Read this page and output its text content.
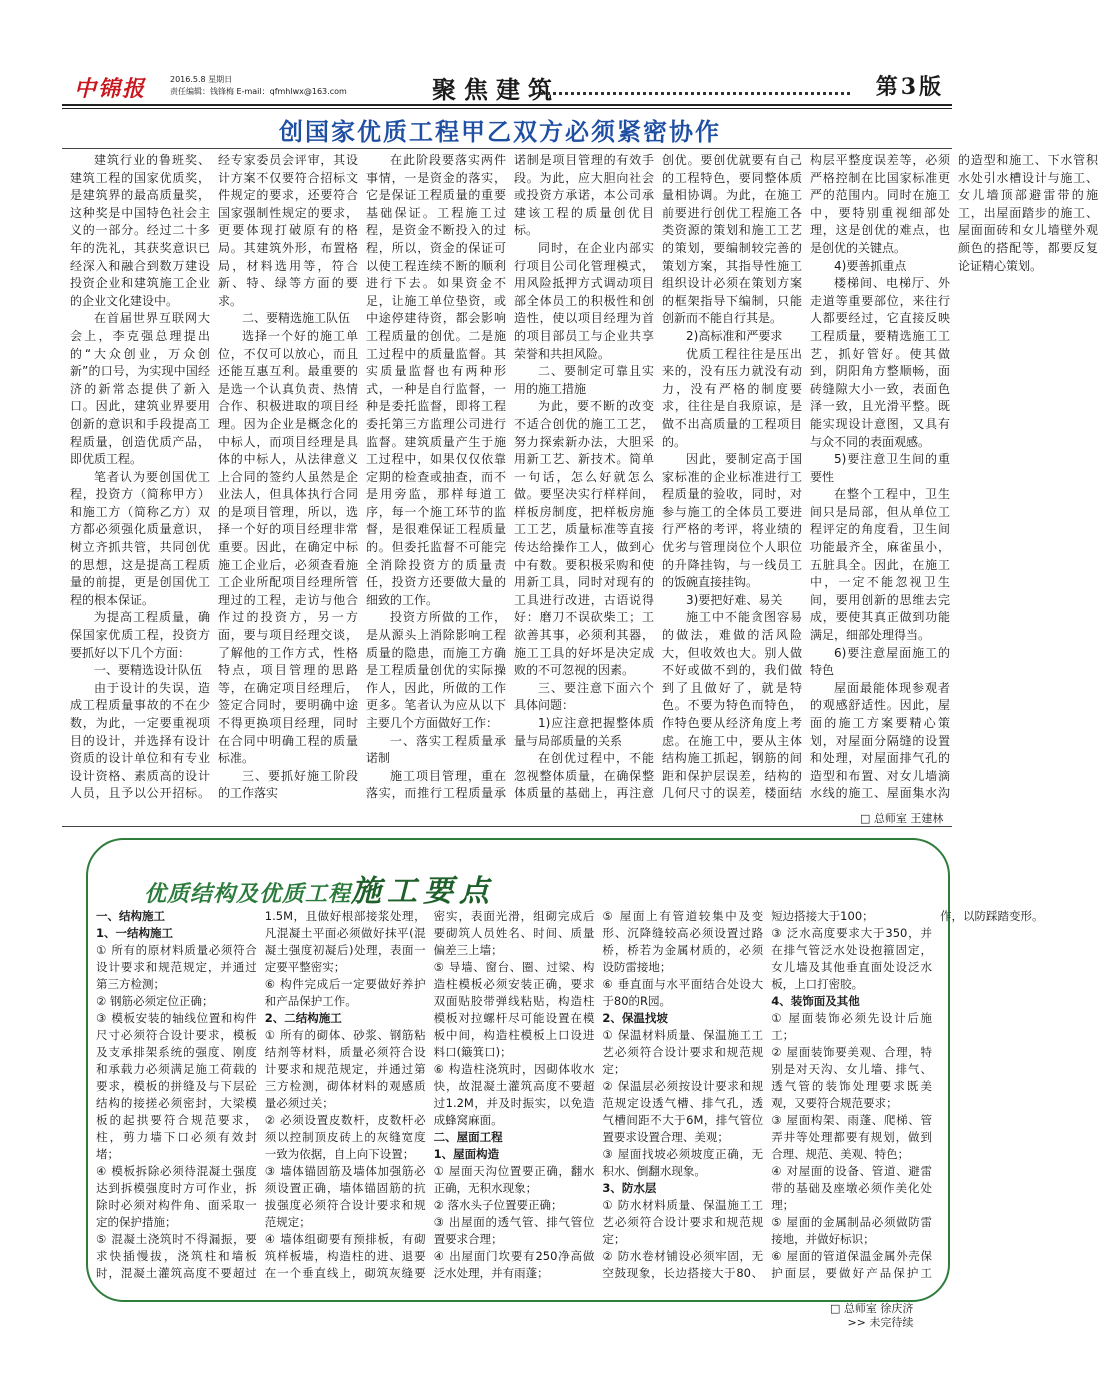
中锦报	2016.5.8 星期日
责任编辑：钱锋梅 E-mail：qfmhlwx@163.com	聚焦建筑	第3版
创国家优质工程甲乙双方必须紧密协作

建筑行业的鲁班奖、建筑工程的国家优质奖，是建筑界的最高质量奖，这种奖是中国特色社会主义的一部分。经过二十多年的洗礼，其获奖意识已经深入和融合到数万建设投资企业和建筑施工企业的企业文化建设中。

在首届世界互联网大会上，李克强总理提出的“大众创业，万众创新”的口号，为实现中国经济的新常态提供了新入口。因此，建筑业界要用创新的意识和手段提高工程质量，创造优质产品，即优质工程。

笔者认为要创国优工程，投资方（简称甲方）和施工方（简称乙方）双方都必须强化质量意识，树立齐抓共管，共同创优的思想，这是提高工程质量的前提，更是创国优工程的根本保证。

为提高工程质量，确保国家优质工程，投资方要抓好以下几个方面：

一、要精选设计队伍

由于设计的失误，造成工程质量事故的不在少数，为此，一定要重视项目的设计，并选择有设计资质的设计单位和有专业设计资格、素质高的设计人员，且予以公开招标。经专家委员会评审，其设计方案不仅要符合招标文件规定的要求，还要符合国家强制性规定的要求，更要体现打破原有的格局。其建筑外形，布置格局，材料选用等，符合新、特、绿等方面的要求。

二、要精选施工队伍

选择一个好的施工单位，不仅可以放心，而且还能互惠互利。最重要的是选一个认真负责、热情合作、积极进取的项目经理。因为企业是概念化的中标人，而项目经理是具体的中标人，从法律意义上合同的签约人虽然是企业法人，但具体执行合同的是项目管理，所以，选择一个好的项目经理非常重要。因此，在确定中标施工企业后，必须查看施工企业所配项目经理所管理过的工程，走访与他合作过的投资方，另一方面，要与项目经理交谈，了解他的工作方式，性格特点，项目管理的思路等，在确定项目经理后，签定合同时，要明确中途不得更换项目经理，同时在合同中明确工程的质量标准。

三、要抓好施工阶段的工作落实

在此阶段要落实两件事情，一是资金的落实，它是保证工程质量的重要基础保证。工程施工过程，是资金不断投入的过程，所以，资金的保证可以使工程连续不断的顺利进行下去。如果资金不足，让施工单位垫资，或中途停建待资，都会影响工程质量的创优。二是施工过程中的质量监督。其实质量监督也有两种形式，一种是自行监督，一种是委托监督，即将工程委托第三方监理公司进行监督。建筑质量产生于施工过程中，如果仅仅依靠定期的检查或抽查，而不是用旁监，那样每道工序，每一个施工环节的监督，是很难保证工程质量的。但委托监督不可能完全消除投资方的质量责任，投资方还要做大量的细致的工作。

投资方所做的工作，是从源头上消除影响工程质量的隐患，而施工方确是工程质量创优的实际操作人，因此，所做的工作更多。笔者认为应从以下主要几个方面做好工作：

一、落实工程质量承诺制

施工项目管理，重在落实，而推行工程质量承诺制是项目管理的有效手段。为此，应大胆向社会或投资方承诺，本公司承建该工程的质量创优目标。

同时，在企业内部实行项目公司化管理模式，用风险抵押方式调动项目部全体员工的积极性和创造性，使以项目经理为首的项目部员工与企业共享荣誉和共担风险。

二、要制定可靠且实用的施工措施

为此，要不断的改变不适合创优的施工工艺，努力探索新办法，大胆采用新工艺、新技术。简单一句话，怎么好就怎么做。要坚决实行样样间，样板房制度，把样板房施工工艺，质量标准等直接传达给操作工人，做到心中有数。要积极采购和使用新工具，同时对现有的工具进行改进，古语说得好：磨刀不误砍柴工；工欲善其事，必须利其器，施工工具的好坏是决定成败的不可忽视的因素。

三、要注意下面六个具体问题：

1)应注意把握整体质量与局部质量的关系

在创优过程中，不能忽视整体质量，在确保整体质量的基础上，再注意创优。要创优就要有自己的工程特色，要同整体质量相协调。为此，在施工前要进行创优工程施工各类资源的策划和施工工艺的策划，要编制较完善的策划方案，其指导性施工组织设计必须在策划方案的框架指导下编制，只能创新而不能自行其是。

2)高标准和严要求

优质工程往往是压出来的，没有压力就没有动力，没有严格的制度要求，往往是自我原谅，是做不出高质量的工程项目的。

因此，要制定高于国家标准的企业标准进行工程质量的验收，同时，对参与施工的全体员工要进行严格的考评，将业绩的优劣与管理岗位个人职位的升降挂钩，与一线员工的饭碗直接挂钩。

3)要把好难、易关

施工中不能贪图容易的做法，难做的活风险大，但收效也大。别人做不好或做不到的，我们做到了且做好了，就是特色。不要为特色而特色，作特色要从经济角度上考虑。在施工中，要从主体结构施工抓起，钢筋的间距和保护层误差，结构的几何尺寸的误差，楼面结构层平整度误差等，必须严格控制在比国家标准更严的范围内。同时在施工中，要特别重视细部处理，这是创优的难点，也是创优的关键点。

4)要善抓重点

楼梯间、电梯厅、外走道等重要部位，来往行人都要经过，它直接反映工程质量，要精选施工工艺，抓好管好。使其做到，阴阳角方整顺畅，面砖缝隙大小一致，表面色泽一致，且光滑平整。既能实现设计意图，又具有与众不同的表面观感。

5)要注意卫生间的重要性

在整个工程中，卫生间只是局部，但从单位工程评定的角度看，卫生间功能最齐全，麻雀虽小，五脏具全。因此，在施工中，一定不能忽视卫生间，要用创新的思维去完成，要使其真正做到功能满足，细部处理得当。

6)要注意屋面施工的特色

屋面最能体现参观者的观感舒适性。因此，屋面的施工方案要精心策划，对屋面分隔缝的设置和处理，对屋面排气孔的造型和布置、对女儿墙滴水线的施工、屋面集水沟的造型和施工、下水管积水处引水槽设计与施工、女儿墙顶部避雷带的施工，出屋面踏步的施工、屋面面砖和女儿墙壁外观颜色的搭配等，都要反复论证精心策划。

□ 总师室 王建林
优质结构及优质工程施工要点

一、结构施工

1、一结构施工

① 所有的原材料质量必须符合设计要求和规范规定，并通过第三方检测；

② 钢筋必须定位正确；

③ 模板安装的轴线位置和构件尺寸必须符合设计要求，模板及支承排架系统的强度、刚度和承载力必须满足施工荷载的要求，模板的拼缝及与下层砼结构的接搓必须密封，大梁模板的起拱要符合规范要求，柱，剪力墙下口必须有效封堵；

④ 模板拆除必须待混凝土强度达到拆模强度时方可作业，拆除时必须对构件角、面采取一定的保护措施；

⑤ 混凝土浇筑时不得漏振，要求快插慢拔，浇筑柱和墙板时，混凝土灌筑高度不要超过1.5M，且做好根部接浆处理，凡混凝土平面必须做好抹平(混凝土强度初凝后)处理，表面一定要平整密实；

⑥ 构件完成后一定要做好养护和产品保护工作。

2、二结构施工

① 所有的砌体、砂浆、钢筋粘结剂等材料，质量必须符合设计要求和规范规定，并通过第三方检测，砌体材料的观感质量必须过关；

② 必须设置皮数杆，皮数杆必须以控制顶皮砖上的灰缝宽度一致为依据，自上向下设置；

③ 墙体锚固筋及墙体加强筋必须设置正确，墙体锚固筋的抗拔强度必须符合设计要求和规范规定；

④ 墙体组砌要有预排板，有砌筑样板墙，构造柱的进、退要在一个垂直线上，砌筑灰缝要密实，表面光滑，组砌完成后要砌筑人员姓名、时间、质量偏差三上墙；

⑤ 导墙、窗台、圈、过梁、构造柱模板必须安装正确，要求双面贴胶带弹线粘贴，构造柱模板对拉螺杆尽可能设置在模板中间，构造柱模板上口设进料口(簸箕口)；

⑥ 构造柱浇筑时，因砌体收水快，故混凝土灌筑高度不要超过1.2M，并及时振实，以免造成蜂窝麻面。

二、屋面工程

1、屋面构造

① 屋面天沟位置要正确，翻水正确，无积水现象；

② 落水头子位置要正确；

③ 出屋面的透气管、排气管位置要求合理；

④ 出屋面门坎要有250净高做泛水处理，并有雨蓬；

⑤ 屋面上有管道较集中及变形、沉降缝较高必须设置过路桥，桥若为金属材质的，必须设防雷接地；

⑥ 垂直面与水平面结合处设大于80的R园。

2、保温找坡

① 保温材料质量、保温施工工艺必须符合设计要求和规范规定；

② 保温层必须按设计要求和规范规定设透气槽、排气孔，透气槽间距不大于6M，排气管位置要求设置合理、美观；

③ 屋面找坡必须坡度正确，无积水、倒翻水现象。

3、防水层

① 防水材料质量、保温施工工艺必须符合设计要求和规范规定；

② 防水卷材铺设必须牢固，无空鼓现象，长边搭接大于80、短边搭接大于100；

③ 泛水高度要求大于350，并在排气管泛水处设抱箍固定，女儿墙及其他垂直面处设泛水板，上口打密胶。

4、装饰面及其他

① 屋面装饰必须先设计后施工；

② 屋面装饰要美观、合理，特别是对天沟、女儿墙、排气、透气管的装饰处理要求既美观，又要符合规范要求；

③ 屋面构架、雨蓬、爬梯、管弄井等处理都要有规划，做到合理、规范、美观、特色；

④ 对屋面的设备、管道、避雷带的基础及座墩必须作美化处理；

⑤ 屋面的金属制品必须做防雷接地，并做好标识；

⑥ 屋面的管道保温金属外壳保护面层，要做好产品保护工作，以防踩踏变形。

□ 总师室 徐庆济
>> 未完待续
